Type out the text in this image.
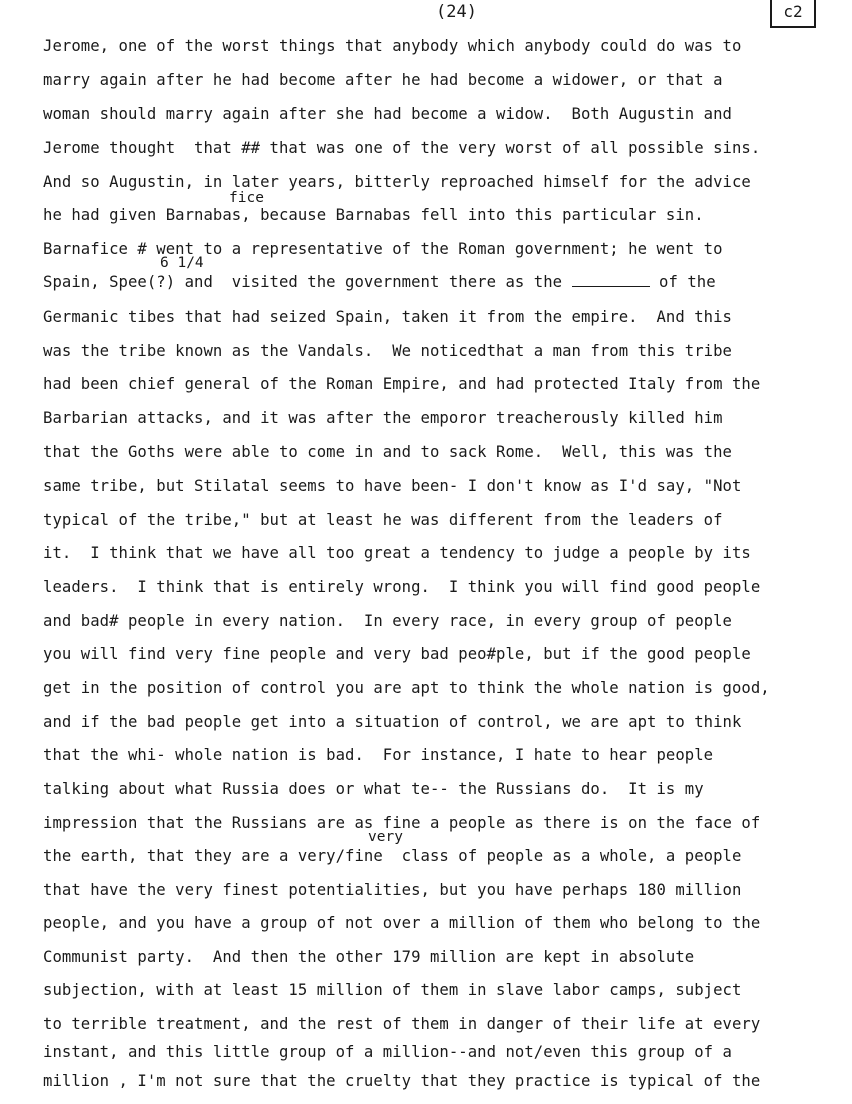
(24)	c2
fice
6 1/4
very
Jerome, one of the worst things that anybody which anybody could do was to
marry again after he had become after he had become a widower, or that a
woman should marry again after she had become a widow.  Both Augustin and
Jerome thought  that ## that was one of the very worst of all possible sins.
And so Augustin, in later years, bitterly reproached himself for the advice
he had given Barnabas, because Barnabas fell into this particular sin.
Barnafice # went to a representative of the Roman government; he went to
Spain, Spee(?) and  visited the government there as the	of the
Germanic tibes that had seized Spain, taken it from the empire.  And this
was the tribe known as the Vandals.  We noticedthat a man from this tribe
had been chief general of the Roman Empire, and had protected Italy from the
Barbarian attacks, and it was after the emporor treacherously killed him
that the Goths were able to come in and to sack Rome.  Well, this was the
same tribe, but Stilatal seems to have been- I don't know as I'd say, "Not
typical of the tribe," but at least he was different from the leaders of
it.  I think that we have all too great a tendency to judge a people by its
leaders.  I think that is entirely wrong.  I think you will find good people
and bad# people in every nation.  In every race, in every group of people
you will find very fine people and very bad peo#ple, but if the good people
get in the position of control you are apt to think the whole nation is good,
and if the bad people get into a situation of control, we are apt to think
that the whi- whole nation is bad.  For instance, I hate to hear people
talking about what Russia does or what te-- the Russians do.  It is my
impression that the Russians are as fine a people as there is on the face of
the earth, that they are a very/fine  class of people as a whole, a people
that have the very finest potentialities, but you have perhaps 180 million
people, and you have a group of not over a million of them who belong to the
Communist party.  And then the other 179 million are kept in absolute
subjection, with at least 15 million of them in slave labor camps, subject
to terrible treatment, and the rest of them in danger of their life at every
instant, and this little group of a million--and not/even this group of a
million , I'm not sure that the cruelty that they practice is typical of the
